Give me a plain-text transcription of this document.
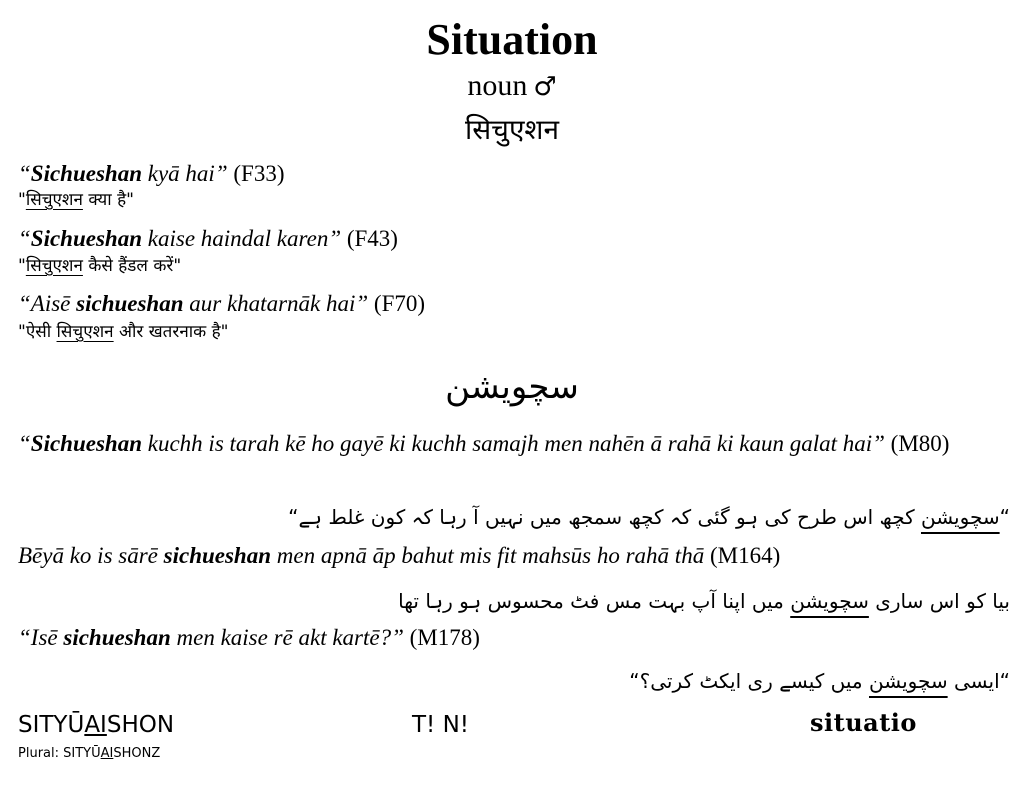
Situation
noun ♂
सिचुएशन
“Sichueshan kyā hai” (F33)
"सिचुएशन क्या है"
“Sichueshan kaise haindal karen” (F43)
"सिचुएशन कैसे हैंडल करें"
“Aisē sichueshan aur khatarnāk hai” (F70)
"ऐसी सिचुएशन और खतरनाक है"
سچویشن
“Sichueshan kuchh is tarah kē ho gayē ki kuchh samajh men nahēn ā rahā ki kaun galat hai” (M80)
“سچویشن کچھ اس طرح کی ہو گئی کہ کچھ سمجھ میں نہیں آ رہا کہ کون غلط ہے“
Bēyā ko is sārē sichueshan men apnā āp bahut mis fit mahsūs ho rahā thā (M164)
بیا کو اس ساری سچویشن میں اپنا آپ بہت مس فٹ محسوس ہو رہا تھا
“Isē sichueshan men kaise rē akt kartē?” (M178)
“ایسی سچویشن میں کیسے ری ایکٹ کرتی؟“
SITYŪAISHON	T! N!	situatio
Plural: SITYŪAISHONZ
